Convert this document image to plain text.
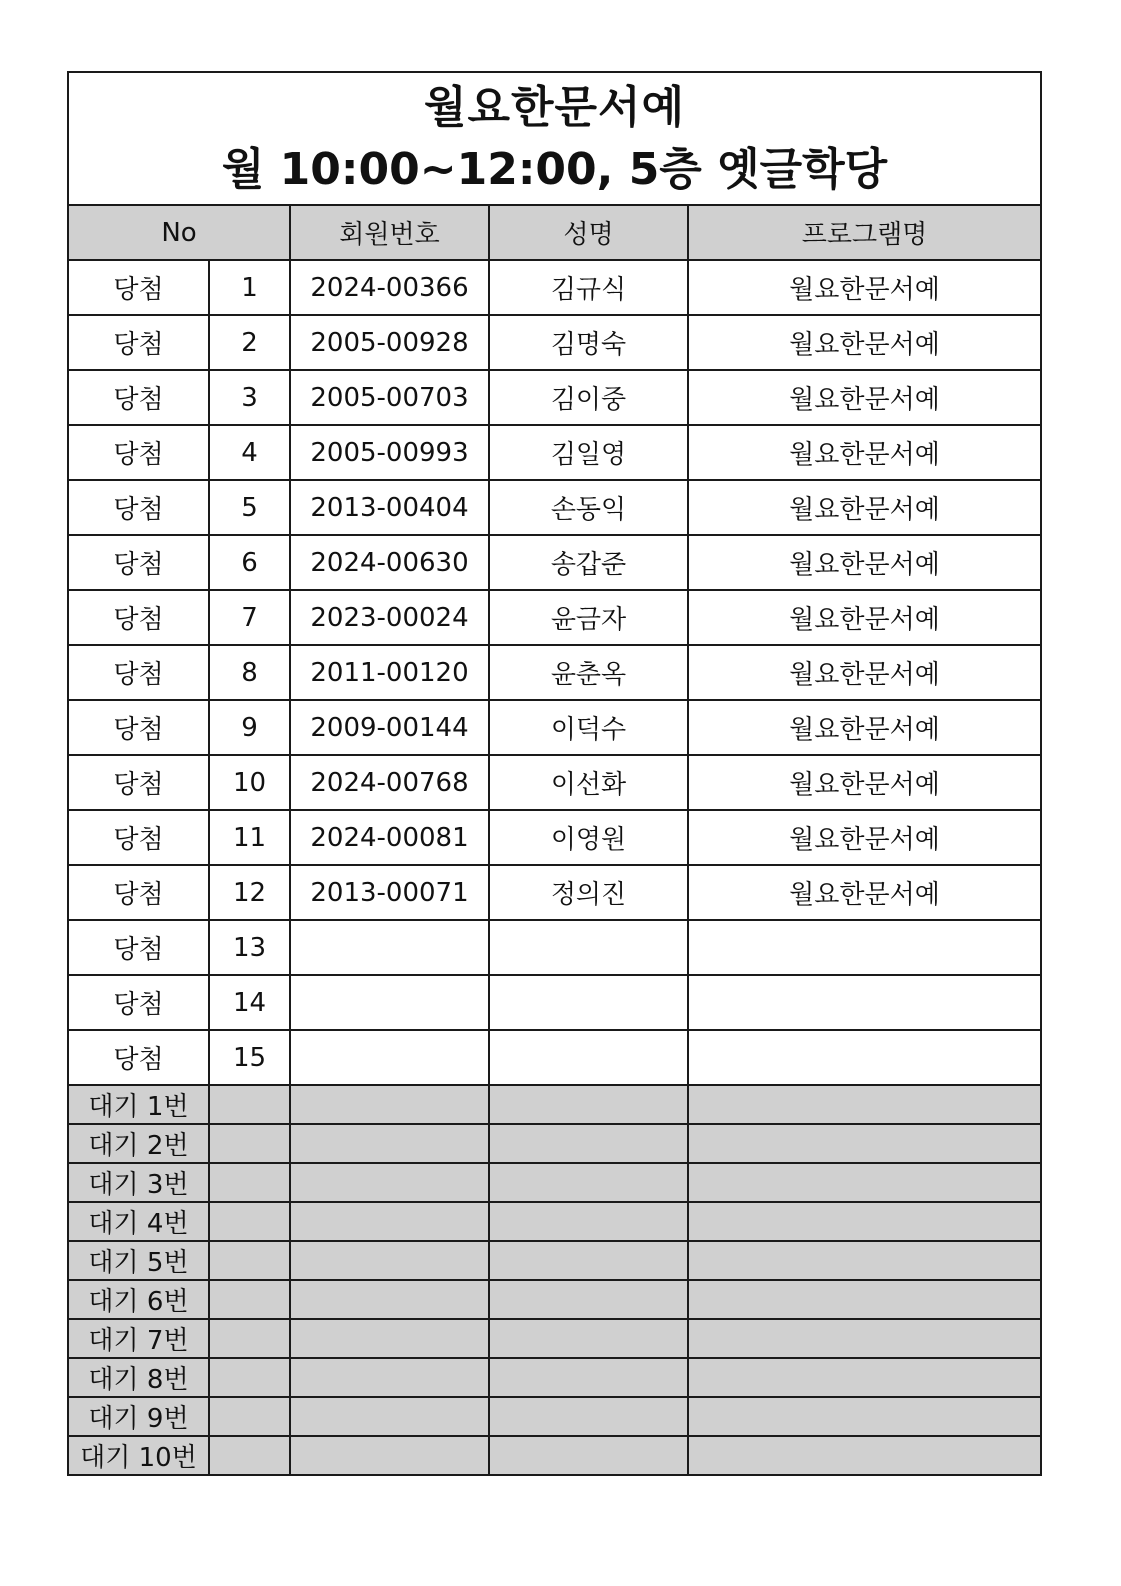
월요한문서예
월 10:00~12:00, 5층 옛글학당				

No		회원번호	성명	프로그램명
당첨	1	2024-00366	김규식	월요한문서예
당첨	2	2005-00928	김명숙	월요한문서예
당첨	3	2005-00703	김이중	월요한문서예
당첨	4	2005-00993	김일영	월요한문서예
당첨	5	2013-00404	손동익	월요한문서예
당첨	6	2024-00630	송갑준	월요한문서예
당첨	7	2023-00024	윤금자	월요한문서예
당첨	8	2011-00120	윤춘옥	월요한문서예
당첨	9	2009-00144	이덕수	월요한문서예
당첨	10	2024-00768	이선화	월요한문서예
당첨	11	2024-00081	이영원	월요한문서예
당첨	12	2013-00071	정의진	월요한문서예
당첨	13			
당첨	14			
당첨	15			
대기 1번				
대기 2번				
대기 3번				
대기 4번				
대기 5번				
대기 6번				
대기 7번				
대기 8번				
대기 9번				
대기 10번				
